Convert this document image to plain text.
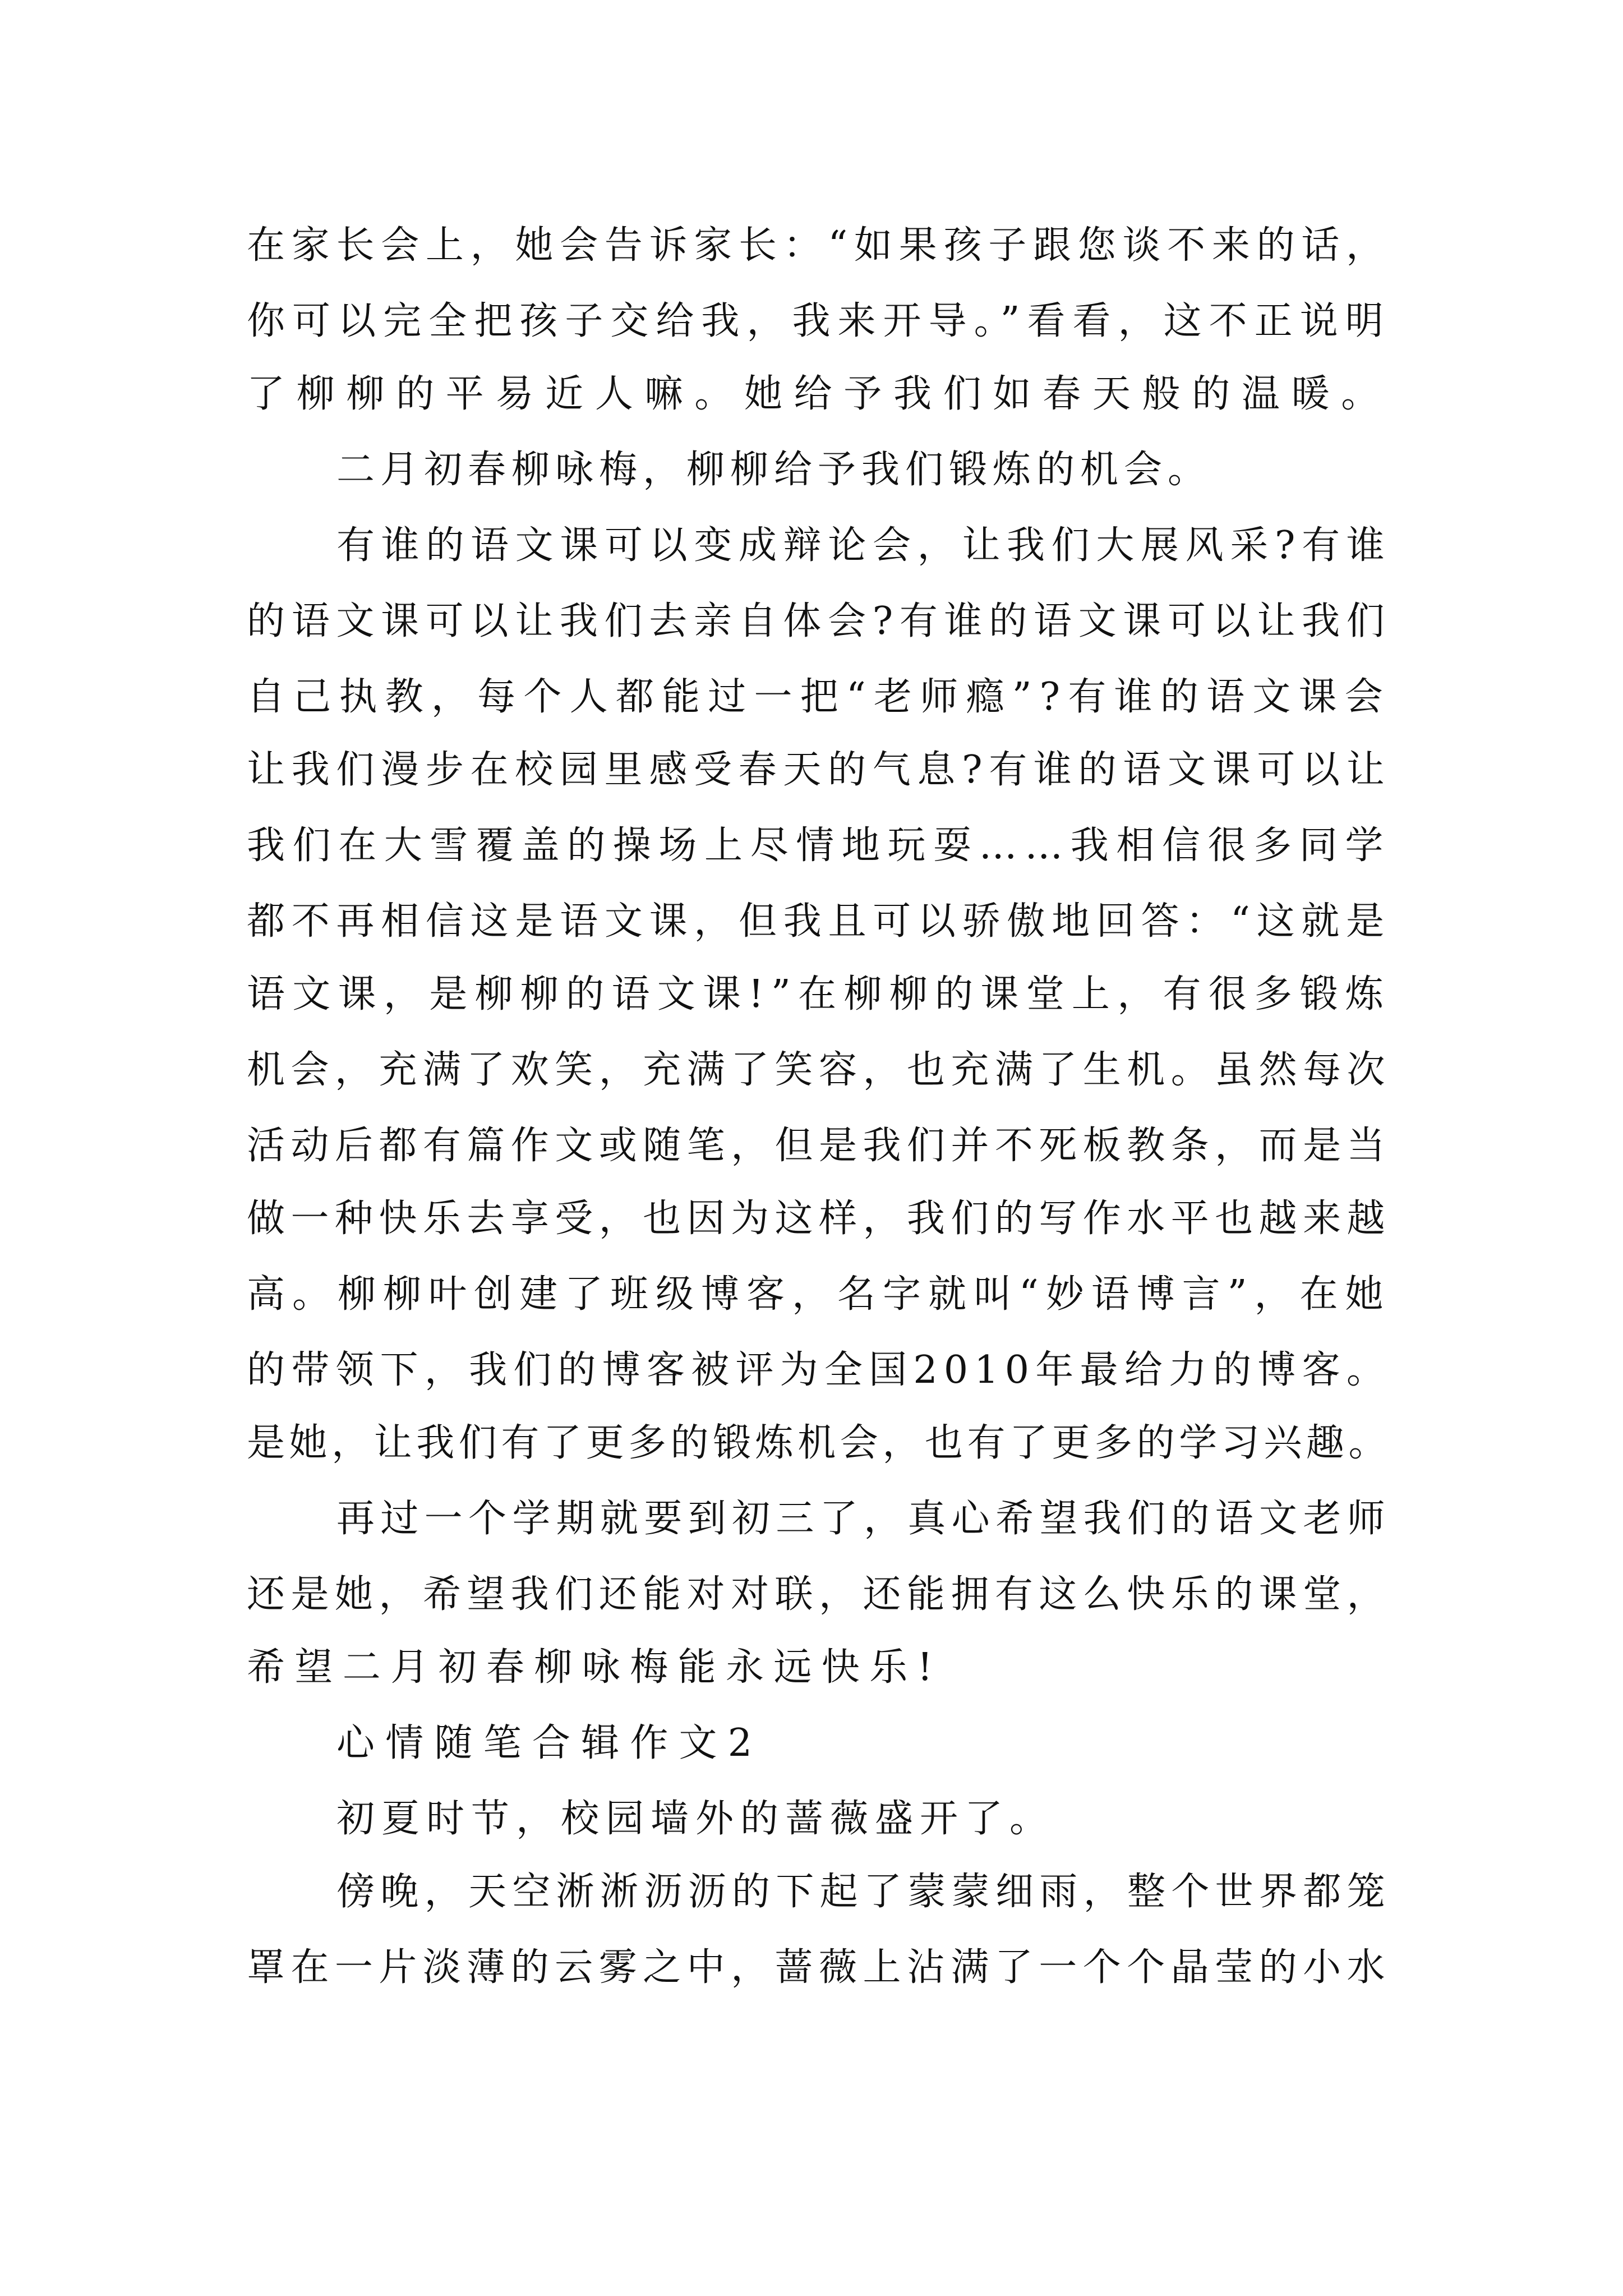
在家长会上，她会告诉家长：“如果孩子跟您谈不来的话，
你可以完全把孩子交给我，我来开导。”看看，这不正说明
了柳柳的平易近人嘛。她给予我们如春天般的温暖。
二月初春柳咏梅，柳柳给予我们锻炼的机会。
有谁的语文课可以变成辩论会，让我们大展风采?有谁
的语文课可以让我们去亲自体会?有谁的语文课可以让我们
自己执教，每个人都能过一把“老师瘾”?有谁的语文课会
让我们漫步在校园里感受春天的气息?有谁的语文课可以让
我们在大雪覆盖的操场上尽情地玩耍……我相信很多同学
都不再相信这是语文课，但我且可以骄傲地回答：“这就是
语文课，是柳柳的语文课!”在柳柳的课堂上，有很多锻炼
机会，充满了欢笑，充满了笑容，也充满了生机。虽然每次
活动后都有篇作文或随笔，但是我们并不死板教条，而是当
做一种快乐去享受，也因为这样，我们的写作水平也越来越
高。柳柳叶创建了班级博客，名字就叫“妙语博言”，在她
的带领下，我们的博客被评为全国2010年最给力的博客。
是她，让我们有了更多的锻炼机会，也有了更多的学习兴趣。
再过一个学期就要到初三了，真心希望我们的语文老师
还是她，希望我们还能对对联，还能拥有这么快乐的课堂，
希望二月初春柳咏梅能永远快乐!
心情随笔合辑作文2
初夏时节，校园墙外的蔷薇盛开了。
傍晚，天空淅淅沥沥的下起了蒙蒙细雨，整个世界都笼
罩在一片淡薄的云雾之中，蔷薇上沾满了一个个晶莹的小水
